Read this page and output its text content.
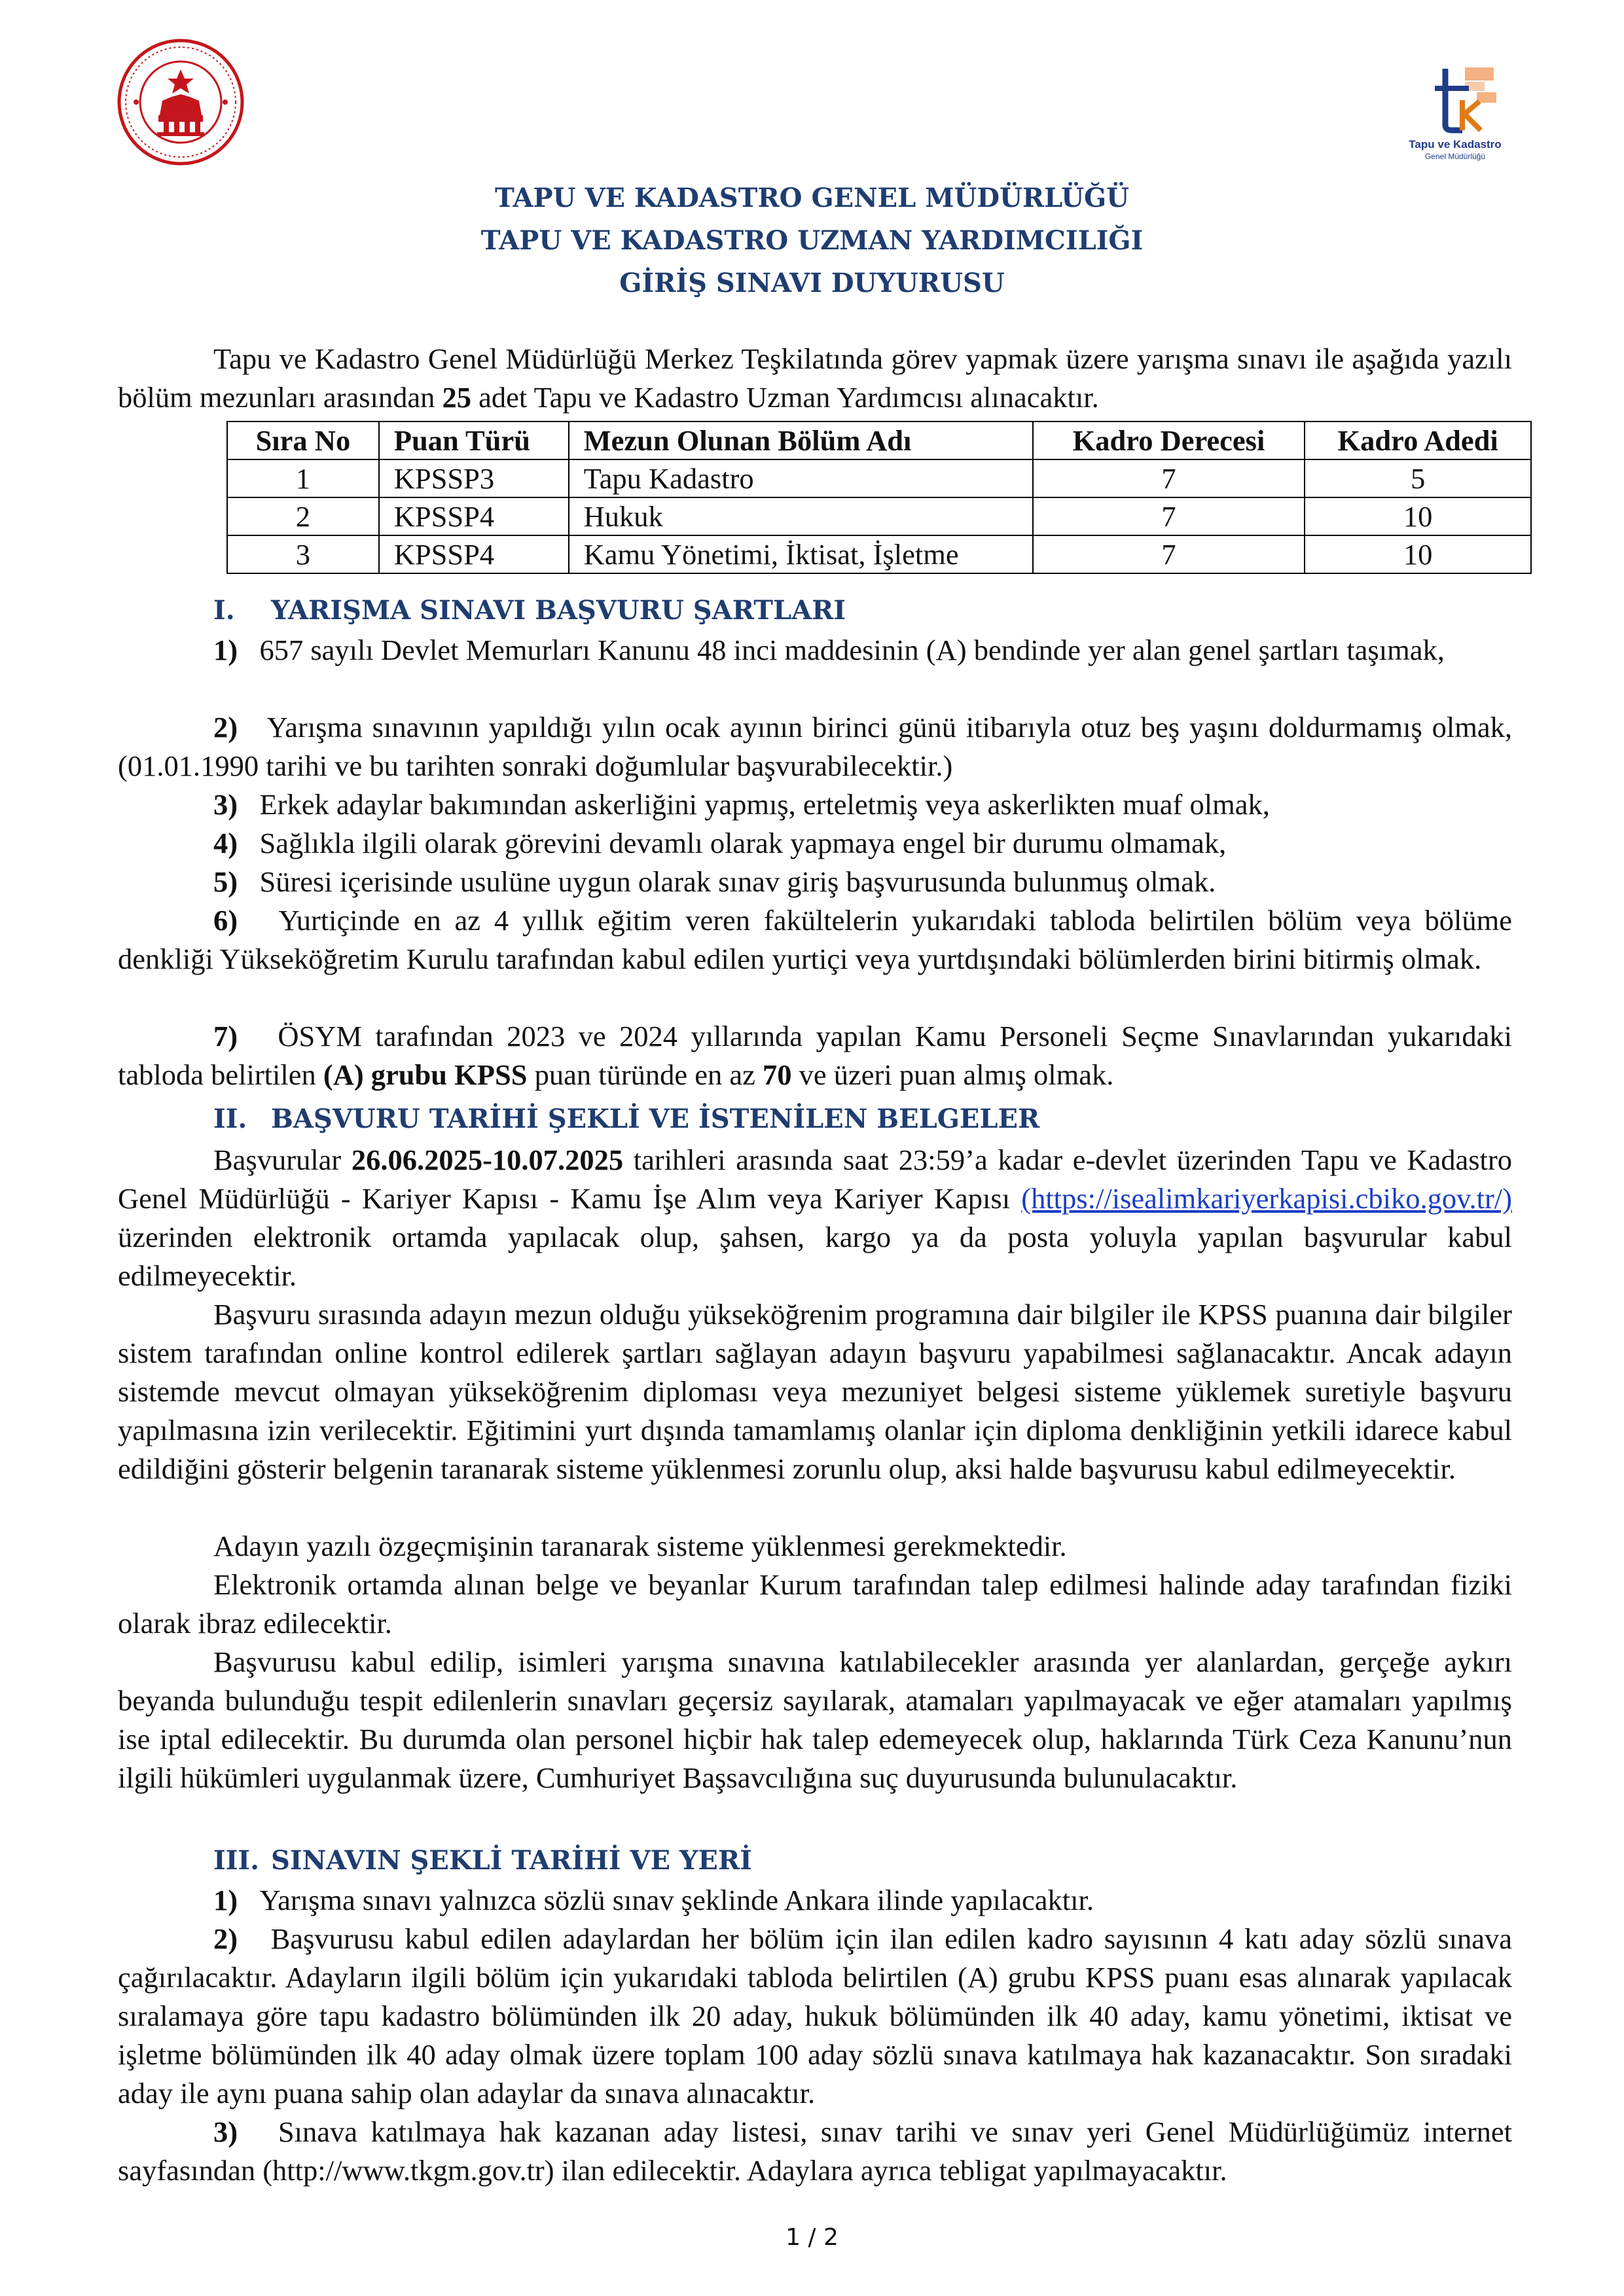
Tapu ve Kadastro
Genel Müdürlüğü
TAPU VE KADASTRO GENEL MÜDÜRLÜĞÜ
TAPU VE KADASTRO UZMAN YARDIMCILIĞI
GİRİŞ SINAVI DUYURUSU
Tapu ve Kadastro Genel Müdürlüğü Merkez Teşkilatında görev yapmak üzere yarışma sınavı ile aşağıda yazılı bölüm mezunları arasından 25 adet Tapu ve Kadastro Uzman Yardımcısı alınacaktır.
Sıra No	Puan Türü	Mezun Olunan Bölüm Adı	Kadro Derecesi	Kadro Adedi
1	KPSSP3	Tapu Kadastro	7	5
2	KPSSP4	Hukuk	7	10
3	KPSSP4	Kamu Yönetimi, İktisat, İşletme	7	10
I. YARIŞMA SINAVI BAŞVURU ŞARTLARI
1) 657 sayılı Devlet Memurları Kanunu 48 inci maddesinin (A) bendinde yer alan genel şartları taşımak,
2) Yarışma sınavının yapıldığı yılın ocak ayının birinci günü itibarıyla otuz beş yaşını doldurmamış olmak, (01.01.1990 tarihi ve bu tarihten sonraki doğumlular başvurabilecektir.)
3) Erkek adaylar bakımından askerliğini yapmış, erteletmiş veya askerlikten muaf olmak,
4) Sağlıkla ilgili olarak görevini devamlı olarak yapmaya engel bir durumu olmamak,
5) Süresi içerisinde usulüne uygun olarak sınav giriş başvurusunda bulunmuş olmak.
6) Yurtiçinde en az 4 yıllık eğitim veren fakültelerin yukarıdaki tabloda belirtilen bölüm veya bölüme denkliği Yükseköğretim Kurulu tarafından kabul edilen yurtiçi veya yurtdışındaki bölümlerden birini bitirmiş olmak.
7) ÖSYM tarafından 2023 ve 2024 yıllarında yapılan Kamu Personeli Seçme Sınavlarından yukarıdaki tabloda belirtilen (A) grubu KPSS puan türünde en az 70 ve üzeri puan almış olmak.
II. BAŞVURU TARİHİ ŞEKLİ VE İSTENİLEN BELGELER
Başvurular 26.06.2025-10.07.2025 tarihleri arasında saat 23:59’a kadar e-devlet üzerinden Tapu ve Kadastro Genel Müdürlüğü - Kariyer Kapısı - Kamu İşe Alım veya Kariyer Kapısı (https://isealimkariyerkapisi.cbiko.gov.tr/) üzerinden elektronik ortamda yapılacak olup, şahsen, kargo ya da posta yoluyla yapılan başvurular kabul edilmeyecektir.
Başvuru sırasında adayın mezun olduğu yükseköğrenim programına dair bilgiler ile KPSS puanına dair bilgiler sistem tarafından online kontrol edilerek şartları sağlayan adayın başvuru yapabilmesi sağlanacaktır. Ancak adayın sistemde mevcut olmayan yükseköğrenim diploması veya mezuniyet belgesi sisteme yüklemek suretiyle başvuru yapılmasına izin verilecektir. Eğitimini yurt dışında tamamlamış olanlar için diploma denkliğinin yetkili idarece kabul edildiğini gösterir belgenin taranarak sisteme yüklenmesi zorunlu olup, aksi halde başvurusu kabul edilmeyecektir.
Adayın yazılı özgeçmişinin taranarak sisteme yüklenmesi gerekmektedir.
Elektronik ortamda alınan belge ve beyanlar Kurum tarafından talep edilmesi halinde aday tarafından fiziki olarak ibraz edilecektir.
Başvurusu kabul edilip, isimleri yarışma sınavına katılabilecekler arasında yer alanlardan, gerçeğe aykırı beyanda bulunduğu tespit edilenlerin sınavları geçersiz sayılarak, atamaları yapılmayacak ve eğer atamaları yapılmış ise iptal edilecektir. Bu durumda olan personel hiçbir hak talep edemeyecek olup, haklarında Türk Ceza Kanunu’nun ilgili hükümleri uygulanmak üzere, Cumhuriyet Başsavcılığına suç duyurusunda bulunulacaktır.
III. SINAVIN ŞEKLİ TARİHİ VE YERİ
1) Yarışma sınavı yalnızca sözlü sınav şeklinde Ankara ilinde yapılacaktır.
2) Başvurusu kabul edilen adaylardan her bölüm için ilan edilen kadro sayısının 4 katı aday sözlü sınava çağırılacaktır. Adayların ilgili bölüm için yukarıdaki tabloda belirtilen (A) grubu KPSS puanı esas alınarak yapılacak sıralamaya göre tapu kadastro bölümünden ilk 20 aday, hukuk bölümünden ilk 40 aday, kamu yönetimi, iktisat ve işletme bölümünden ilk 40 aday olmak üzere toplam 100 aday sözlü sınava katılmaya hak kazanacaktır. Son sıradaki aday ile aynı puana sahip olan adaylar da sınava alınacaktır.
3) Sınava katılmaya hak kazanan aday listesi, sınav tarihi ve sınav yeri Genel Müdürlüğümüz internet sayfasından (http://www.tkgm.gov.tr) ilan edilecektir. Adaylara ayrıca tebligat yapılmayacaktır.
1 / 2
